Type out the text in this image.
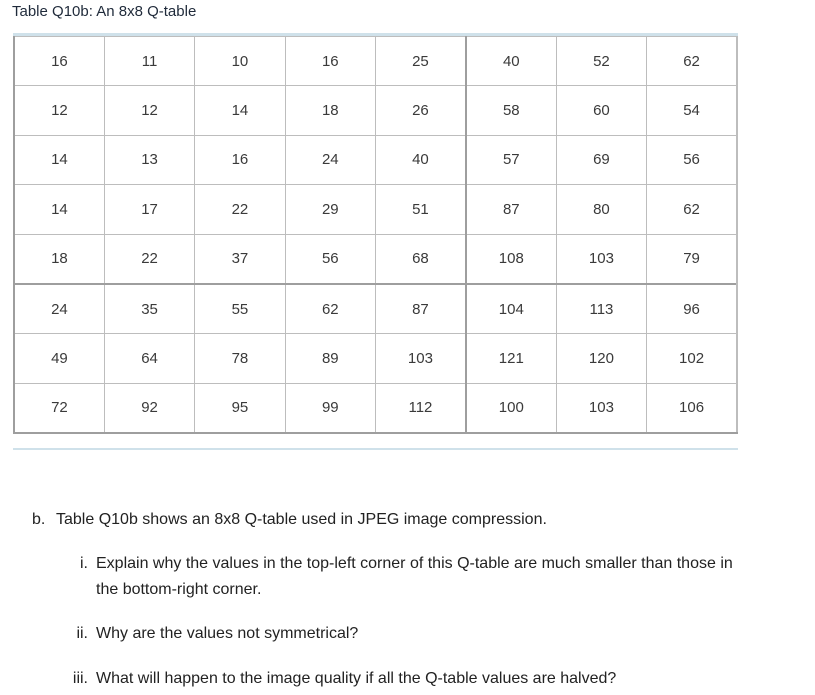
Table Q10b: An 8x8 Q-table
16	11	10	16	25	40	52	62
12	12	14	18	26	58	60	54
14	13	16	24	40	57	69	56
14	17	22	29	51	87	80	62
18	22	37	56	68	108	103	79
24	35	55	62	87	104	113	96
49	64	78	89	103	121	120	102
72	92	95	99	112	100	103	106
b. Table Q10b shows an 8x8 Q-table used in JPEG image compression.
i. Explain why the values in the top-left corner of this Q-table are much smaller than those in the bottom-right corner.
ii. Why are the values not symmetrical?
iii. What will happen to the image quality if all the Q-table values are halved?
